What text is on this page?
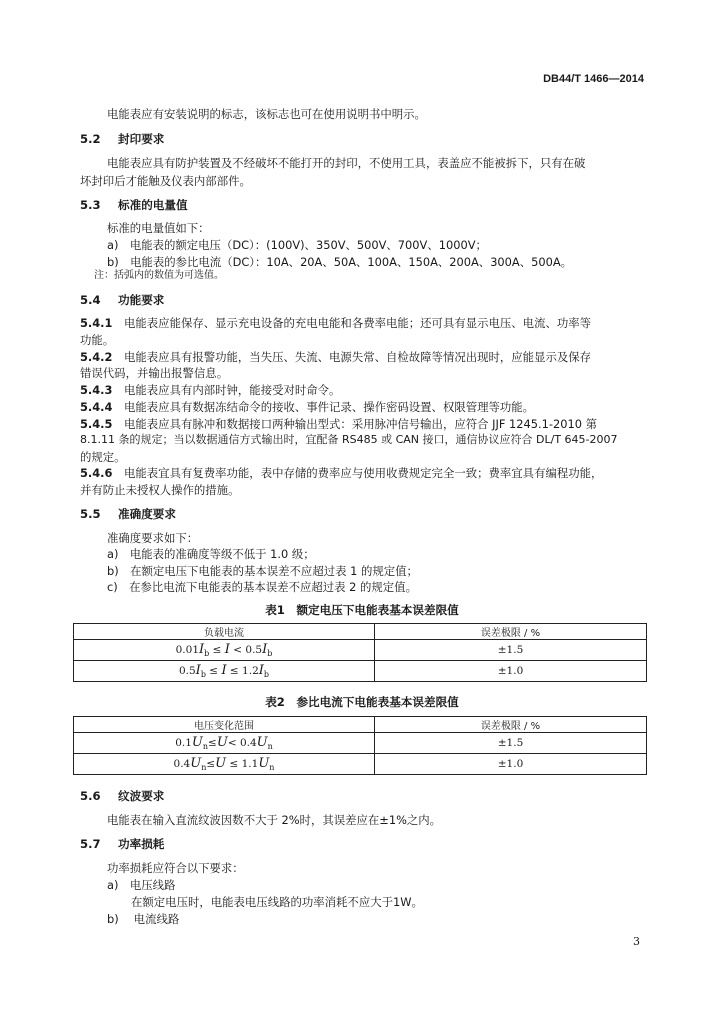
DB44/T 1466—2014
电能表应有安装说明的标志，该标志也可在使用说明书中明示。
5.2 封印要求
电能表应具有防护装置及不经破坏不能打开的封印，不使用工具，表盖应不能被拆下，只有在破
坏封印后才能触及仪表内部部件。
5.3 标准的电量值
标准的电量值如下：
a)　电能表的额定电压（DC）：(100V)、350V、500V、700V、1000V；
b)　电能表的参比电流（DC）：10A、20A、50A、100A、150A、200A、300A、500A。
注：括弧内的数值为可选值。
5.4 功能要求
5.4.1 电能表应能保存、显示充电设备的充电电能和各费率电能；还可具有显示电压、电流、功率等
功能。
5.4.2 电能表应具有报警功能，当失压、失流、电源失常、自检故障等情况出现时，应能显示及保存
错误代码，并输出报警信息。
5.4.3 电能表应具有内部时钟，能接受对时命令。
5.4.4 电能表应具有数据冻结命令的接收、事件记录、操作密码设置、权限管理等功能。
5.4.5 电能表应具有脉冲和数据接口两种输出型式：采用脉冲信号输出，应符合 JJF 1245.1-2010 第
8.1.11 条的规定；当以数据通信方式输出时，宜配备 RS485 或 CAN 接口，通信协议应符合 DL/T 645-2007
的规定。
5.4.6 电能表宜具有复费率功能，表中存储的费率应与使用收费规定完全一致；费率宜具有编程功能，
并有防止未授权人操作的措施。
5.5 准确度要求
准确度要求如下：
a)　电能表的准确度等级不低于 1.0 级；
b)　在额定电压下电能表的基本误差不应超过表 1 的规定值；
c)　在参比电流下电能表的基本误差不应超过表 2 的规定值。
表1　额定电压下电能表基本误差限值
负载电流	误差极限 / %
$0.01I_b \le I < 0.5I_b$	±1.5
$0.5I_b \le I \le 1.2I_b$	±1.0
表2　参比电流下电能表基本误差限值
电压变化范围	误差极限 / %
$0.1U_n\le U< 0.4U_n$	±1.5
$0.4U_n\le U \le 1.1U_n$	±1.0
5.6 纹波要求
电能表在输入直流纹波因数不大于 2%时，其误差应在±1%之内。
5.7 功率损耗
功率损耗应符合以下要求：
a)　电压线路
在额定电压时，电能表电压线路的功率消耗不应大于1W。
b)　 电流线路
3
